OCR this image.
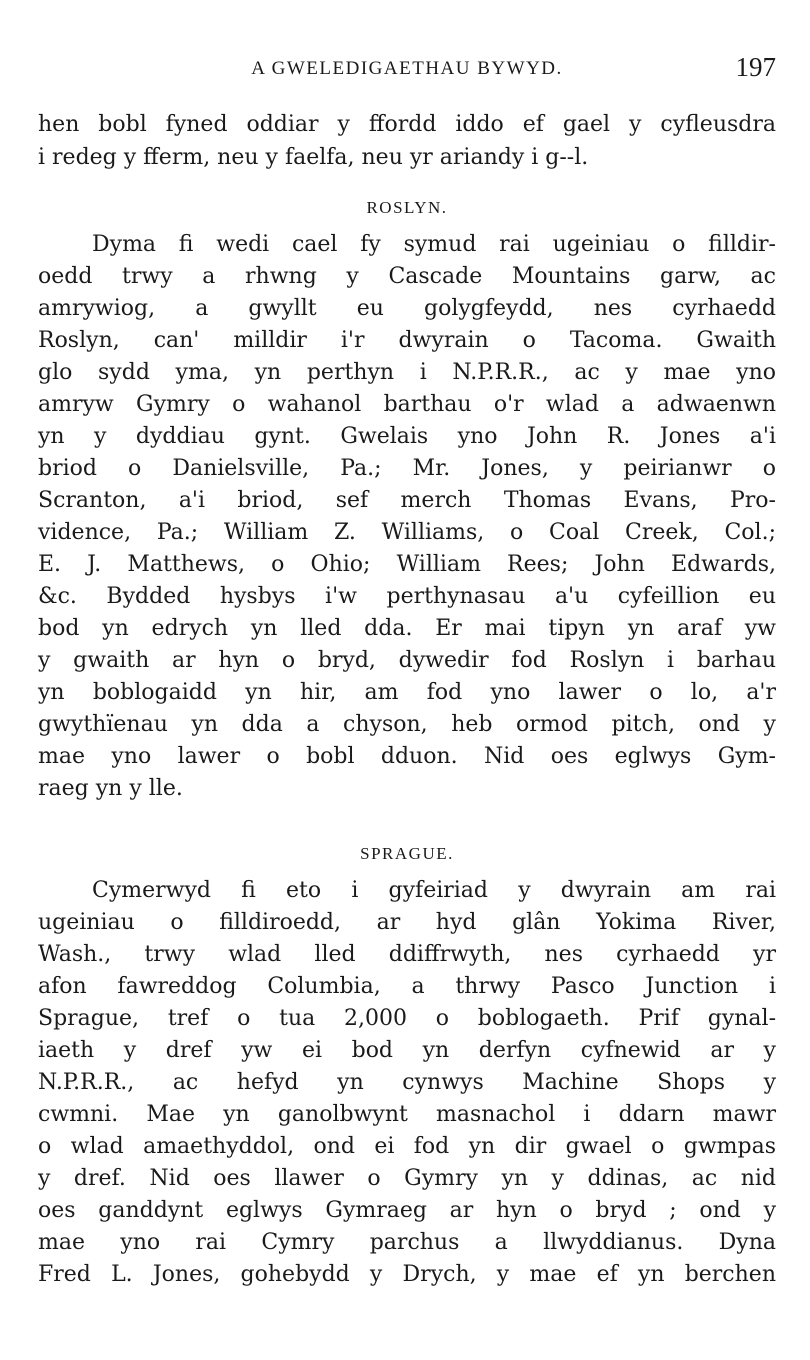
A GWELEDIGAETHAU BYWYD.	197
hen bobl fyned oddiar y ffordd iddo ef gael y cyfleusdra
i redeg y fferm, neu y faelfa, neu yr ariandy i g--l.
ROSLYN.
Dyma fi wedi cael fy symud rai ugeiniau o filldir-
oedd trwy a rhwng y Cascade Mountains garw, ac
amrywiog, a gwyllt eu golygfeydd, nes cyrhaedd
Roslyn, can' milldir i'r dwyrain o Tacoma. Gwaith
glo sydd yma, yn perthyn i N.P.R.R., ac y mae yno
amryw Gymry o wahanol barthau o'r wlad a adwaenwn
yn y dyddiau gynt. Gwelais yno John R. Jones a'i
briod o Danielsville, Pa.; Mr. Jones, y peirianwr o
Scranton, a'i briod, sef merch Thomas Evans, Pro-
vidence, Pa.; William Z. Williams, o Coal Creek, Col.;
E. J. Matthews, o Ohio; William Rees; John Edwards,
&c. Bydded hysbys i'w perthynasau a'u cyfeillion eu
bod yn edrych yn lled dda. Er mai tipyn yn araf yw
y gwaith ar hyn o bryd, dywedir fod Roslyn i barhau
yn boblogaidd yn hir, am fod yno lawer o lo, a'r
gwythïenau yn dda a chyson, heb ormod pitch, ond y
mae yno lawer o bobl dduon. Nid oes eglwys Gym-
raeg yn y lle.
SPRAGUE.
Cymerwyd fi eto i gyfeiriad y dwyrain am rai
ugeiniau o filldiroedd, ar hyd glân Yokima River,
Wash., trwy wlad lled ddiffrwyth, nes cyrhaedd yr
afon fawreddog Columbia, a thrwy Pasco Junction i
Sprague, tref o tua 2,000 o boblogaeth. Prif gynal-
iaeth y dref yw ei bod yn derfyn cyfnewid ar y
N.P.R.R., ac hefyd yn cynwys Machine Shops y
cwmni. Mae yn ganolbwynt masnachol i ddarn mawr
o wlad amaethyddol, ond ei fod yn dir gwael o gwmpas
y dref. Nid oes llawer o Gymry yn y ddinas, ac nid
oes ganddynt eglwys Gymraeg ar hyn o bryd ; ond y
mae yno rai Cymry parchus a llwyddianus. Dyna
Fred L. Jones, gohebydd y Drych, y mae ef yn berchen
